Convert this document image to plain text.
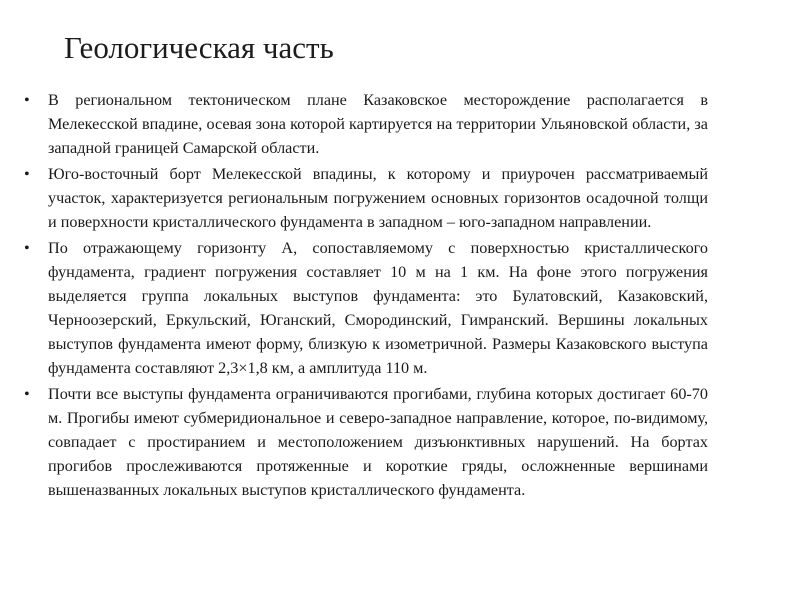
Геологическая часть
•	В региональном тектоническом плане Казаковское месторождение располагается в Мелекесской впадине, осевая зона которой картируется на территории Ульяновской области, за западной границей Самарской области.
•	Юго-восточный борт Мелекесской впадины, к которому и приурочен рассматриваемый участок, характеризуется региональным погружением основных горизонтов осадочной толщи и поверхности кристаллического фундамента в западном – юго-западном направлении.
•	По отражающему горизонту А, сопоставляемому с поверхностью кристаллического фундамента, градиент погружения составляет 10 м на 1 км. На фоне этого погружения выделяется группа локальных выступов фундамента: это Булатовский, Казаковский, Черноозерский, Еркульский, Юганский, Смородинский, Гимранский. Вершины локальных выступов фундамента имеют форму, близкую к изометричной. Размеры Казаковского выступа фундамента составляют 2,3×1,8 км, а амплитуда 110 м.
•	Почти все выступы фундамента ограничиваются прогибами, глубина которых достигает 60-70 м. Прогибы имеют субмеридиональное и северо-западное направление, которое, по-видимому, совпадает с простиранием и местоположением дизъюнктивных нарушений. На бортах прогибов прослеживаются протяженные и короткие гряды, осложненные вершинами вышеназванных локальных выступов кристаллического фундамента.
